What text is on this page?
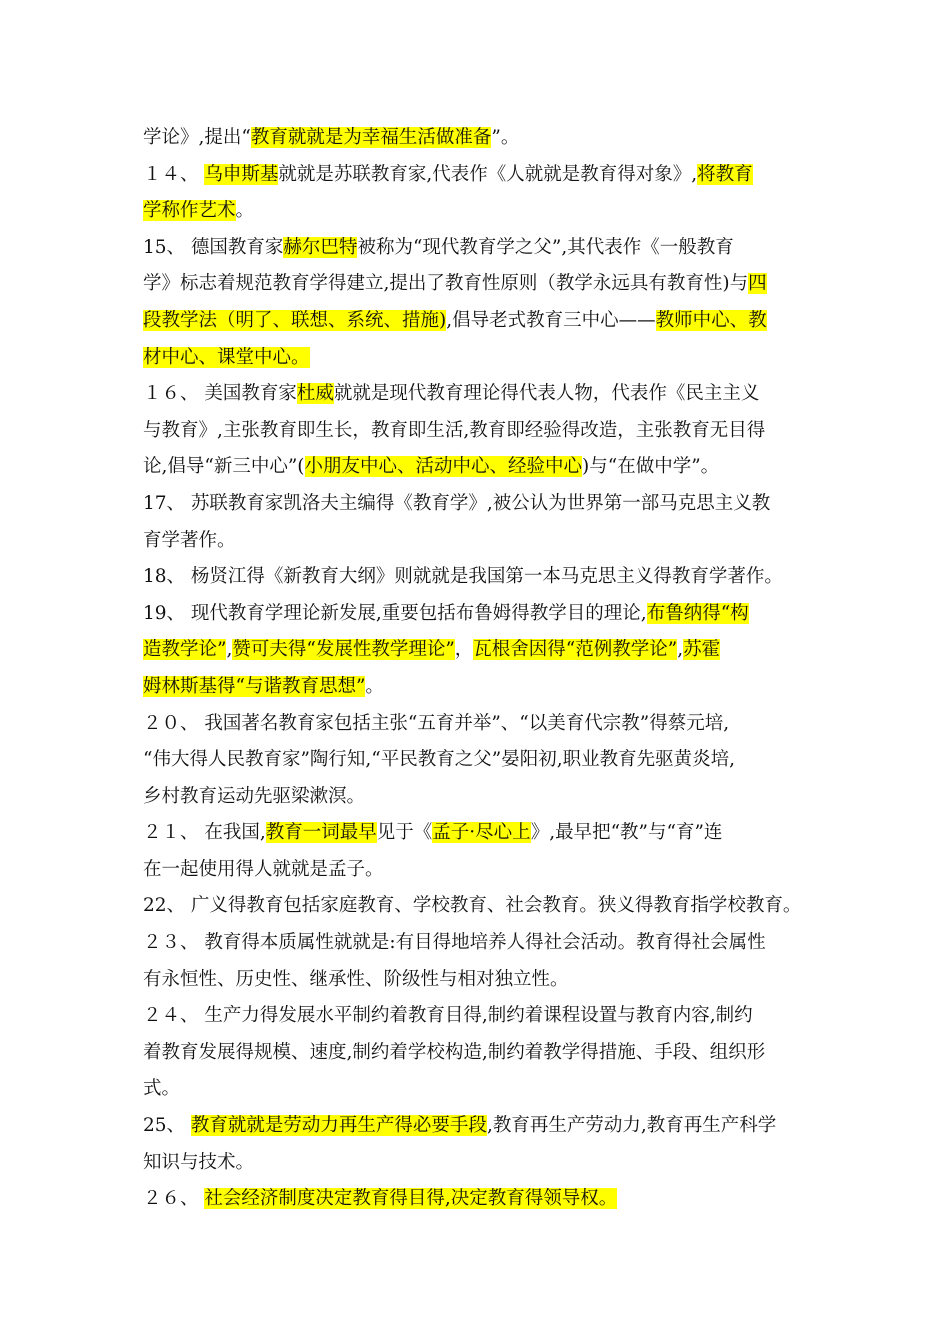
学论》,提出“教育就就是为幸福生活做准备”。
１４、 乌申斯基就就是苏联教育家,代表作《人就就是教育得对象》,将教育
学称作艺术。
15、 德国教育家赫尔巴特被称为“现代教育学之父”,其代表作《一般教育
学》标志着规范教育学得建立,提出了教育性原则（教学永远具有教育性)与四
段教学法（明了、联想、系统、措施),倡导老式教育三中心——教师中心、教
材中心、课堂中心。
１６、 美国教育家杜威就就是现代教育理论得代表人物，代表作《民主主义
与教育》,主张教育即生长，教育即生活,教育即经验得改造，主张教育无目得
论,倡导“新三中心”(小朋友中心、活动中心、经验中心)与“在做中学”。
17、 苏联教育家凯洛夫主编得《教育学》,被公认为世界第一部马克思主义教
育学著作。
18、 杨贤江得《新教育大纲》则就就是我国第一本马克思主义得教育学著作。
19、 现代教育学理论新发展,重要包括布鲁姆得教学目的理论,布鲁纳得“构
造教学论”,赞可夫得“发展性教学理论”，瓦根舍因得“范例教学论”,苏霍
姆林斯基得“与谐教育思想”。
２０、 我国著名教育家包括主张“五育并举”、“以美育代宗教”得蔡元培,
“伟大得人民教育家”陶行知,“平民教育之父”晏阳初,职业教育先驱黄炎培,
乡村教育运动先驱梁漱溟。
２１、 在我国,教育一词最早见于《孟子·尽心上》,最早把“教”与“育”连
在一起使用得人就就是孟子。
22、 广义得教育包括家庭教育、学校教育、社会教育。狭义得教育指学校教育。
２３、 教育得本质属性就就是:有目得地培养人得社会活动。教育得社会属性
有永恒性、历史性、继承性、阶级性与相对独立性。
２４、 生产力得发展水平制约着教育目得,制约着课程设置与教育内容,制约
着教育发展得规模、速度,制约着学校构造,制约着教学得措施、手段、组织形
式。
25、 教育就就是劳动力再生产得必要手段,教育再生产劳动力,教育再生产科学
知识与技术。
２６、 社会经济制度决定教育得目得,决定教育得领导权。
